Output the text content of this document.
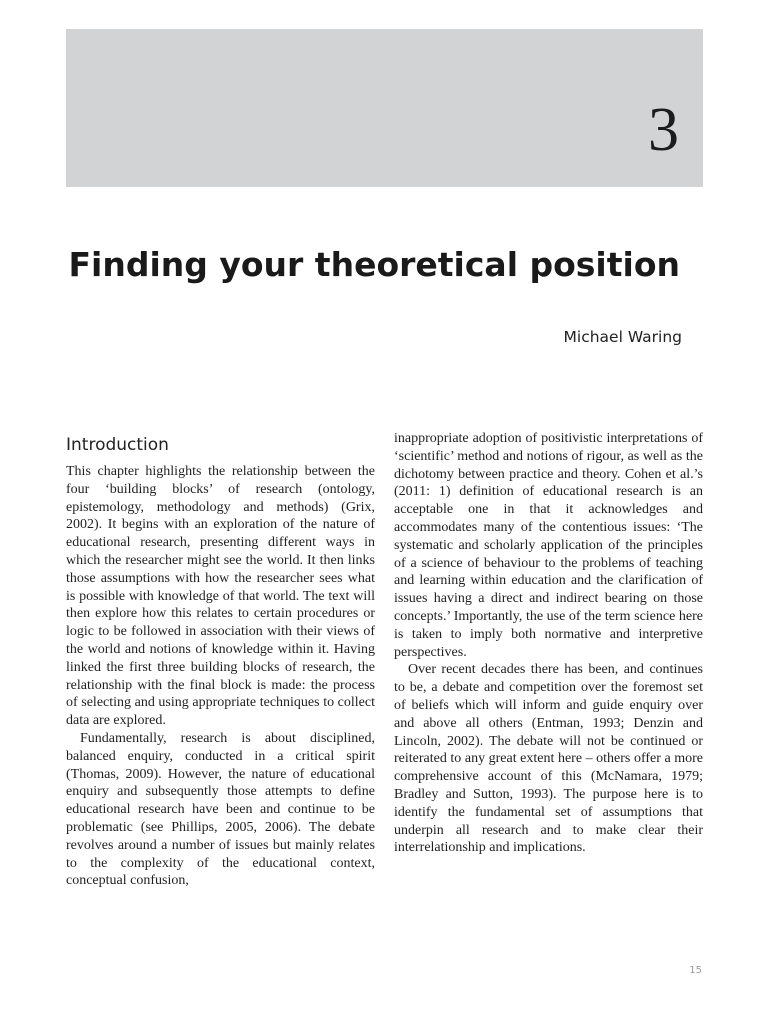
3
Finding your theoretical position
Michael Waring
Introduction

This chapter highlights the relationship between the four ‘building blocks’ of research (ontology, epistemology, methodology and methods) (Grix, 2002). It begins with an exploration of the nature of educational research, presenting different ways in which the researcher might see the world. It then links those assumptions with how the researcher sees what is possible with knowledge of that world. The text will then explore how this relates to certain procedures or logic to be followed in association with their views of the world and notions of knowledge within it. Having linked the first three building blocks of research, the relationship with the final block is made: the process of selecting and using appropriate techniques to collect data are explored.

Fundamentally, research is about disciplined, balanced enquiry, conducted in a critical spirit (Thomas, 2009). However, the nature of educational enquiry and subsequently those attempts to define educational research have been and continue to be problematic (see Phillips, 2005, 2006). The debate revolves around a number of issues but mainly relates to the complexity of the educational context, conceptual confusion,

inappropriate adoption of positivistic interpretations of ‘scientific’ method and notions of rigour, as well as the dichotomy between practice and theory. Cohen et al.’s (2011: 1) definition of educational research is an acceptable one in that it acknowledges and accommodates many of the contentious issues: ‘The systematic and scholarly application of the principles of a science of behaviour to the problems of teaching and learning within education and the clarification of issues having a direct and indirect bearing on those concepts.’ Importantly, the use of the term science here is taken to imply both normative and interpretive perspectives.

Over recent decades there has been, and continues to be, a debate and competition over the foremost set of beliefs which will inform and guide enquiry over and above all others (Entman, 1993; Denzin and Lincoln, 2002). The debate will not be continued or reiterated to any great extent here – others offer a more comprehensive account of this (McNamara, 1979; Bradley and Sutton, 1993). The purpose here is to identify the fundamental set of assumptions that underpin all research and to make clear their interrelationship and implications.

15
